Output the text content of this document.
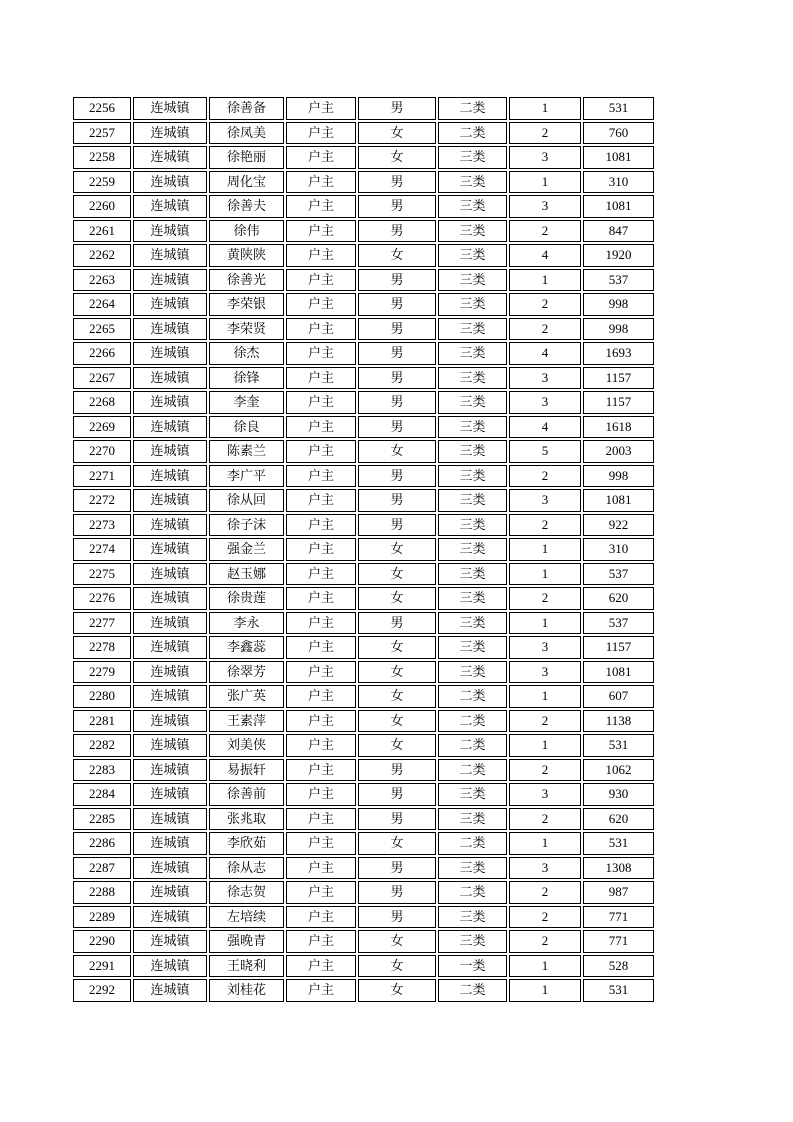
2256	连城镇	徐善备	户主	男	二类	1	531
2257	连城镇	徐凤美	户主	女	二类	2	760
2258	连城镇	徐艳丽	户主	女	三类	3	1081
2259	连城镇	周化宝	户主	男	三类	1	310
2260	连城镇	徐善夫	户主	男	三类	3	1081
2261	连城镇	徐伟	户主	男	三类	2	847
2262	连城镇	黄陕陕	户主	女	三类	4	1920
2263	连城镇	徐善光	户主	男	三类	1	537
2264	连城镇	李荣银	户主	男	三类	2	998
2265	连城镇	李荣贤	户主	男	三类	2	998
2266	连城镇	徐杰	户主	男	三类	4	1693
2267	连城镇	徐锋	户主	男	三类	3	1157
2268	连城镇	李奎	户主	男	三类	3	1157
2269	连城镇	徐良	户主	男	三类	4	1618
2270	连城镇	陈素兰	户主	女	三类	5	2003
2271	连城镇	李广平	户主	男	三类	2	998
2272	连城镇	徐从回	户主	男	三类	3	1081
2273	连城镇	徐子沫	户主	男	三类	2	922
2274	连城镇	强金兰	户主	女	三类	1	310
2275	连城镇	赵玉娜	户主	女	三类	1	537
2276	连城镇	徐贵莲	户主	女	三类	2	620
2277	连城镇	李永	户主	男	三类	1	537
2278	连城镇	李鑫蕊	户主	女	三类	3	1157
2279	连城镇	徐翠芳	户主	女	三类	3	1081
2280	连城镇	张广英	户主	女	二类	1	607
2281	连城镇	王素萍	户主	女	二类	2	1138
2282	连城镇	刘美侠	户主	女	二类	1	531
2283	连城镇	易振轩	户主	男	二类	2	1062
2284	连城镇	徐善前	户主	男	三类	3	930
2285	连城镇	张兆取	户主	男	三类	2	620
2286	连城镇	李欣茹	户主	女	二类	1	531
2287	连城镇	徐从志	户主	男	三类	3	1308
2288	连城镇	徐志贺	户主	男	二类	2	987
2289	连城镇	左培续	户主	男	三类	2	771
2290	连城镇	强晚青	户主	女	三类	2	771
2291	连城镇	王晓利	户主	女	一类	1	528
2292	连城镇	刘桂花	户主	女	二类	1	531
